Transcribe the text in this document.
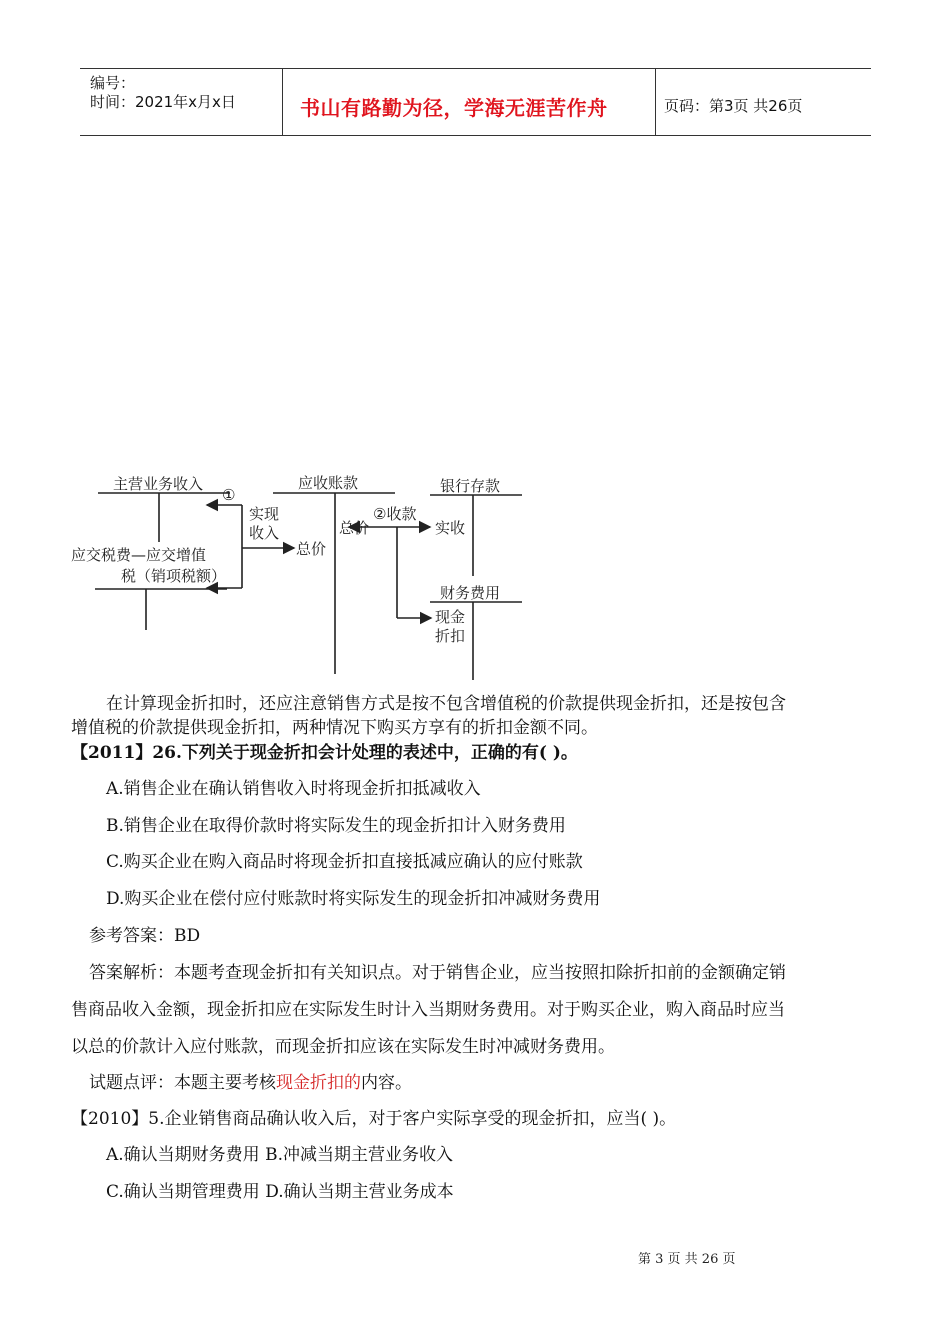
编号：
时间：2021年x月x日	书山有路勤为径，学海无涯苦作舟	页码：第3页 共26页
主营业务收入	应收账款	银行存款
应交税费—应交增值
税（销项税额）
财务费用
①
实现
收入
总价
总价
②收款
实收
现金
折扣
在计算现金折扣时，还应注意销售方式是按不包含增值税的价款提供现金折扣，还是按包含
增值税的价款提供现金折扣，两种情况下购买方享有的折扣金额不同。
【2011】26.下列关于现金折扣会计处理的表述中，正确的有( )。
A.销售企业在确认销售收入时将现金折扣抵减收入
B.销售企业在取得价款时将实际发生的现金折扣计入财务费用
C.购买企业在购入商品时将现金折扣直接抵减应确认的应付账款
D.购买企业在偿付应付账款时将实际发生的现金折扣冲减财务费用
参考答案：BD
答案解析：本题考查现金折扣有关知识点。对于销售企业，应当按照扣除折扣前的金额确定销
售商品收入金额，现金折扣应在实际发生时计入当期财务费用。对于购买企业，购入商品时应当
以总的价款计入应付账款，而现金折扣应该在实际发生时冲减财务费用。
试题点评：本题主要考核现金折扣的内容。
【2010】5.企业销售商品确认收入后，对于客户实际享受的现金折扣，应当( )。
A.确认当期财务费用 B.冲减当期主营业务收入
C.确认当期管理费用 D.确认当期主营业务成本
第 3 页 共 26 页
